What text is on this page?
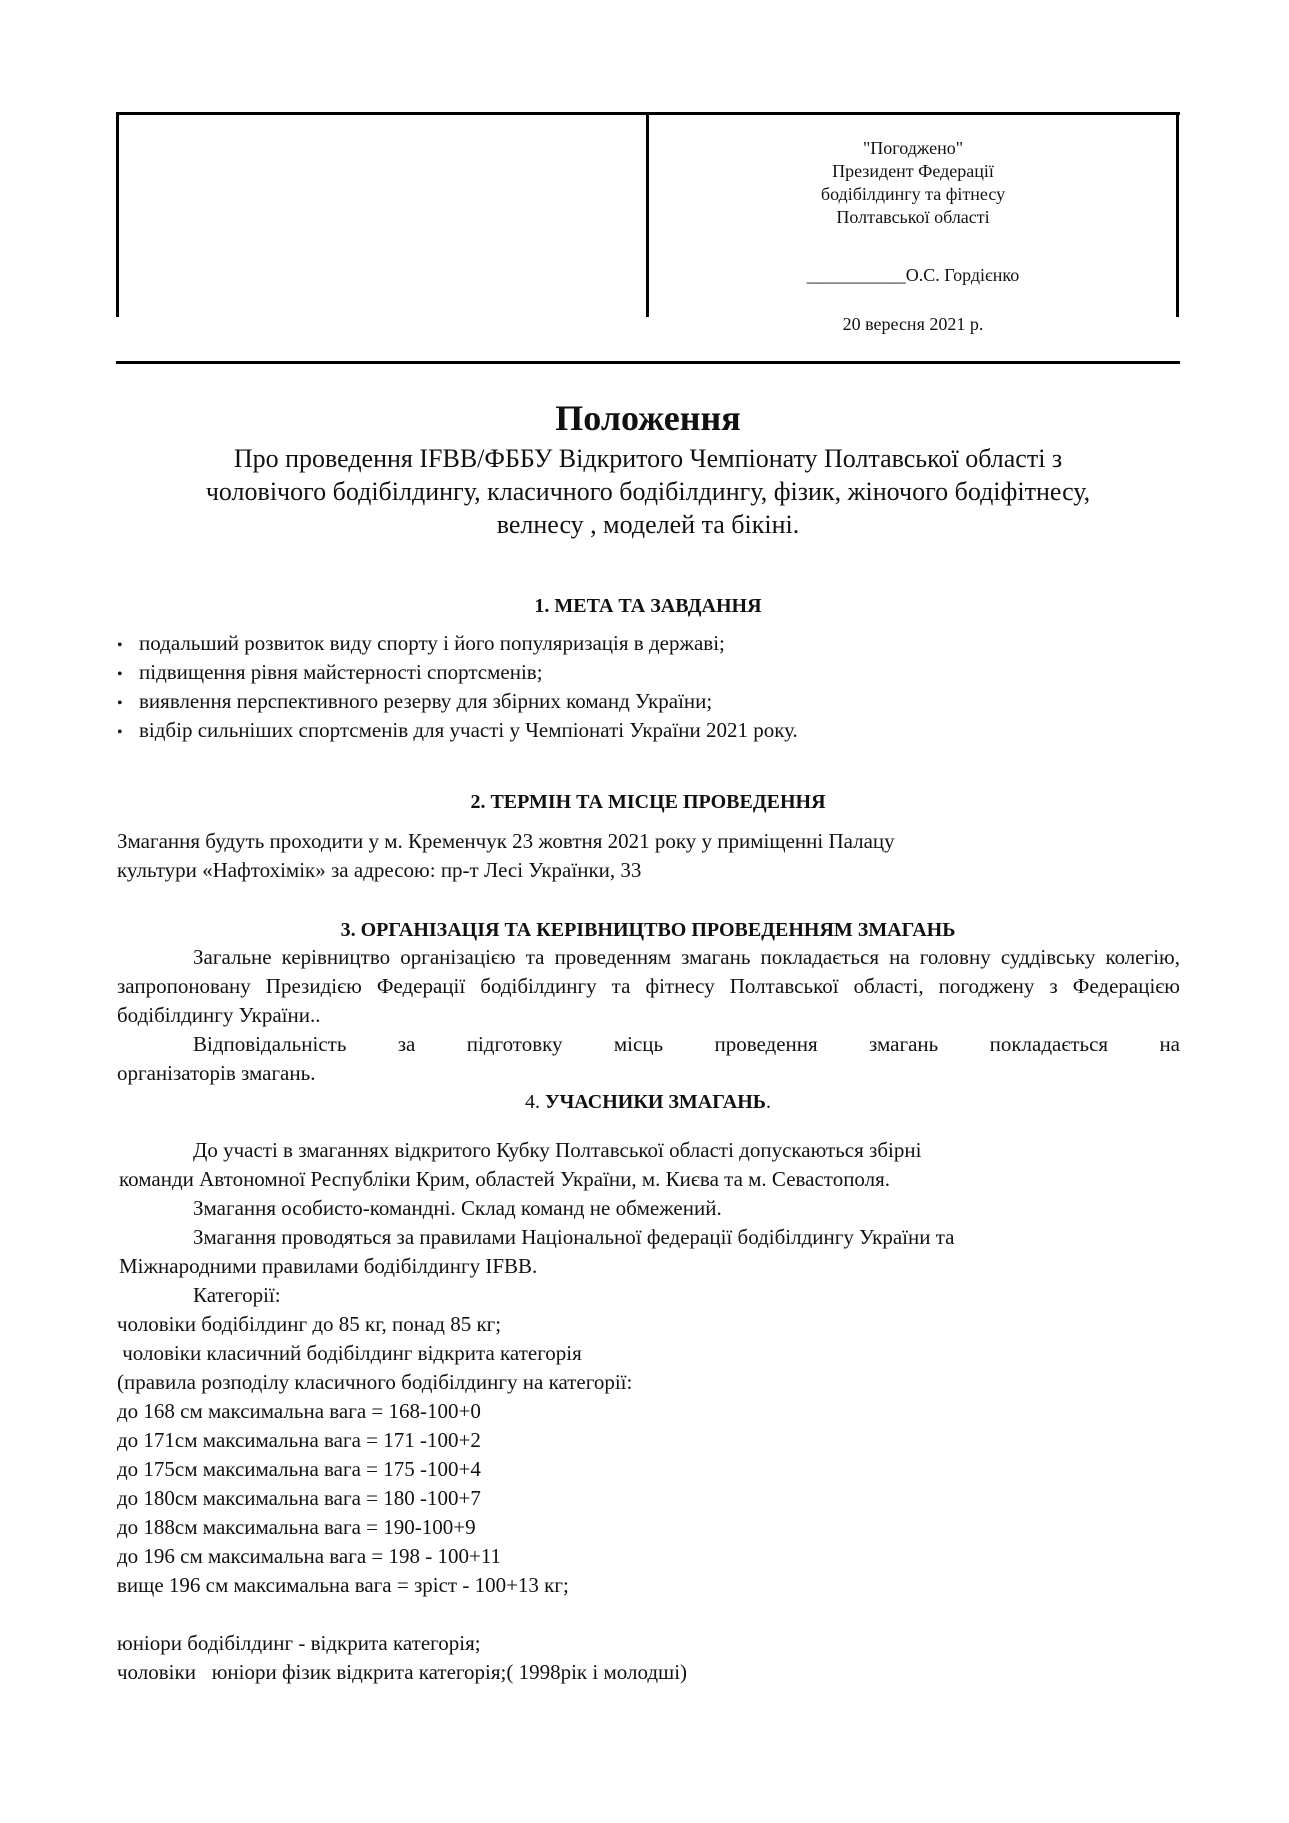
"Погоджено"
Президент Федерації
бодібілдингу та фітнесу
Полтавської області
___________О.С. Гордієнко
20 вересня 2021 р.
Положення
Про проведення IFBB/ФББУ Відкритого Чемпіонату Полтавської області з
чоловічого бодібілдингу, класичного бодібілдингу, фізик, жіночого бодіфітнесу,
велнесу , моделей та бікіні.
1. МЕТА ТА ЗАВДАННЯ
• подальший розвиток виду спорту і його популяризація в державі;
• підвищення рівня майстерності спортсменів;
• виявлення перспективного резерву для збірних команд України;
• відбір сильніших спортсменів для участі у Чемпіонаті України 2021 року.
2. ТЕРМІН ТА МІСЦЕ ПРОВЕДЕННЯ
Змагання будуть проходити у м. Кременчук 23 жовтня 2021 року у приміщенні Палацу
культури «Нафтохімік» за адресою: пр-т Лесі Українки, 33
3. ОРГАНІЗАЦІЯ ТА КЕРІВНИЦТВО ПРОВЕДЕННЯМ ЗМАГАНЬ
Загальне керівництво організацією та проведенням змагань покладається на головну суддівську колегію, запропоновану Президією Федерації бодібілдингу та фітнесу Полтавської області, погоджену з Федерацією бодібілдингу України..
Відповідальність за підготовку місць проведення змагань покладається на
організаторів змагань.
4. УЧАСНИКИ ЗМАГАНЬ.
До участі в змаганнях відкритого Кубку Полтавської області допускаються збірні
команди Автономної Республіки Крим, областей України, м. Києва та м. Севастополя.
Змагання особисто-командні. Склад команд не обмежений.
Змагання проводяться за правилами Національної федерації бодібілдингу України та
Міжнародними правилами бодібілдингу IFBB.
Категорії:
чоловіки бодібілдинг до 85 кг, понад 85 кг;
чоловіки класичний бодібілдинг відкрита категорія
(правила розподілу класичного бодібілдингу на категорії:
до 168 см максимальна вага = 168-100+0
до 171см максимальна вага = 171 -100+2
до 175см максимальна вага = 175 -100+4
до 180см максимальна вага = 180 -100+7
до 188см максимальна вага = 190-100+9
до 196 см максимальна вага = 198 - 100+11
вище 196 см максимальна вага = зріст - 100+13 кг;
юніори бодібілдинг - відкрита категорія;
чоловіки   юніори фізик відкрита категорія;( 1998рік і молодші)
